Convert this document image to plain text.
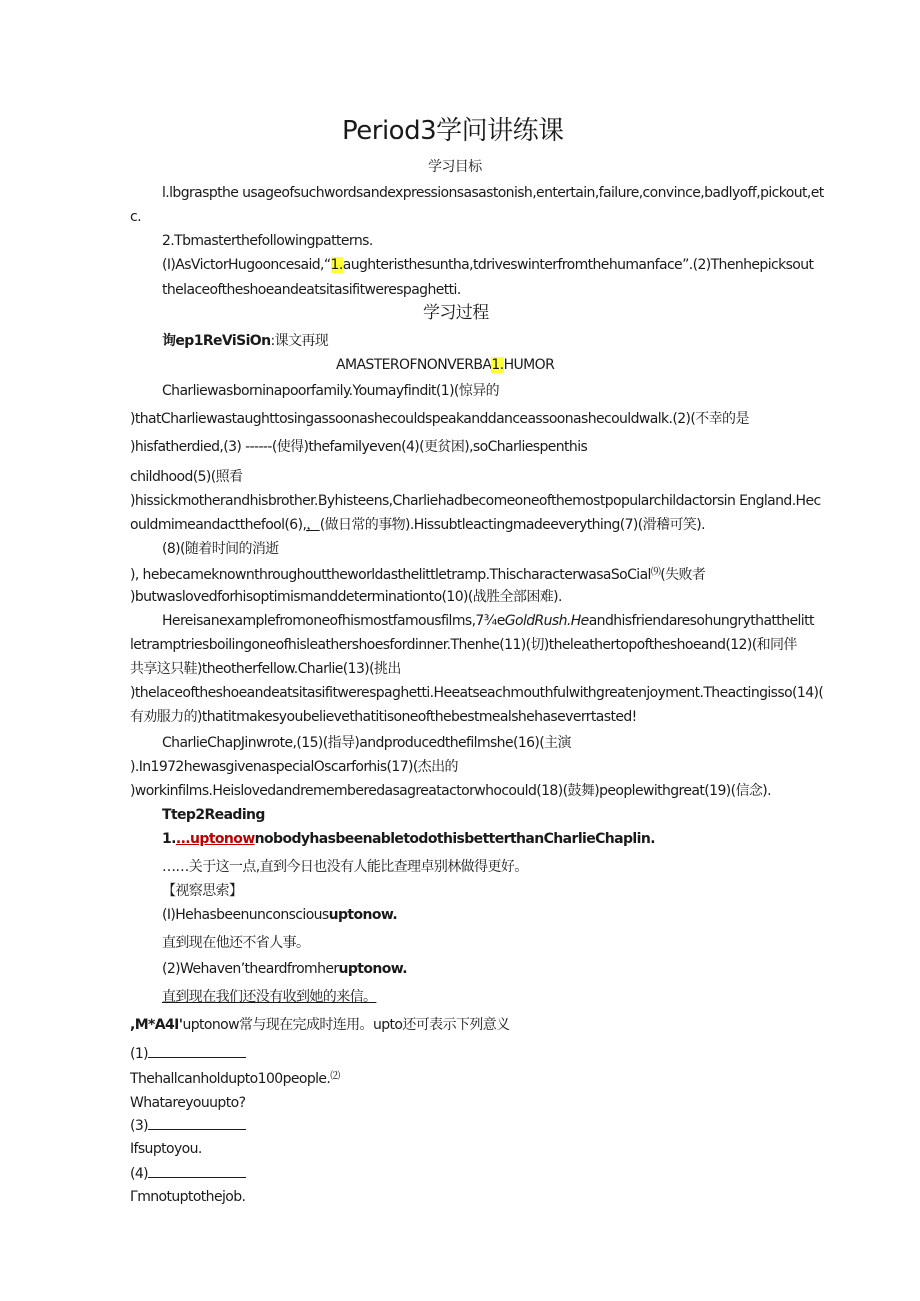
Period3学问讲练课
学习目标
l.lbgraspthe usageofsuchwordsandexpressionsasastonish,entertain,failure,convince,badlyoff,pickout,et
c.
2.Tbmasterthefollowingpatterns.
(I)AsVictorHugooncesaid,“1.aughteristhesuntha,tdriveswinterfromthehumanface”.(2)Thenhepicksout
thelaceoftheshoeandeatsitasifitwerespaghetti.
学习过程
询ep1ReViSiOn:课文再现
AMASTEROFNONVERBA1.HUMOR
Charliewasborninapoorfamily.Youmayfindit(1)(惊异的
)thatCharliewastaughttosingassoonashecouldspeakanddanceassoonashecouldwalk.(2)(不幸的是
)hisfatherdied,(3) ------(使得)thefamilyeven(4)(更贫困),soCharliespenthis
childhood(5)(照看
)hissickmotherandhisbrother.Byhisteens,Charliehadbecomeoneofthemostpopularchildactorsin England.Hec
ouldmimeandactthefool(6),，(做日常的事物).Hissubtleactingmadeeverything(7)(滑稽可笑).
(8)(随着时间的消逝
), hebecameknownthroughouttheworldasthelittletramp.ThischaracterwasaSoCial⑼(失败者
)butwaslovedforhisoptimismanddeterminationto(10)(战胜全部困难).
Hereisanexamplefromoneofhismostfamousfilms,7¾eGoldRush.Heandhisfriendaresohungrythatthelitt
letramptriesboilingoneofhisleathershoesfordinner.Thenhe(11)(切)theleathertopoftheshoeand(12)(和同伴
共享这只鞋)theotherfellow.Charlie(13)(挑出
)thelaceoftheshoeandeatsitasifitwerespaghetti.Heeatseachmouthfulwithgreatenjoyment.Theactingisso(14)(
有劝服力的)thatitmakesyoubelievethatitisoneofthebestmealshehaseverrtasted!
CharlieChapJinwrote,(15)(指导)andproducedthefilmshe(16)(主演
).In1972hewasgivenaspecialOscarforhis(17)(杰出的
)workinfilms.Heislovedandrememberedasagreatactorwhocould(18)(鼓舞)peoplewithgreat(19)(信念).
Ttep2Reading
1....uptonownobodyhasbeenabletodothisbetterthanCharlieChaplin.
……关于这一点,直到今日也没有人能比查理卓别林做得更好。
【视察思索】
(I)Hehasbeenunconsciousuptonow.
直到现在他还不省人事。
(2)Wehaven’theardfromheruptonow.
直到现在我们还没有收到她的来信。
,M*A4I'uptonow常与现在完成时连用。upto还可表示下列意义
(1)
Thehallcanholdupto100people.⑵
Whatareyouupto?
(3)
Ifsuptoyou.
(4)
Γmnotuptothejob.
